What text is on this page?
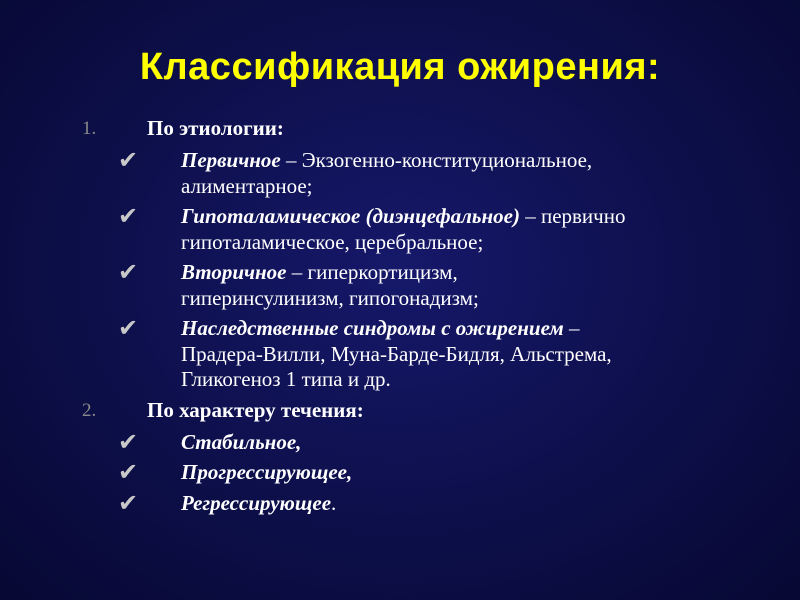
Классификация ожирения:
1. По этиологии:
✔ Первичное – Экзогенно-конституциональное,
алиментарное;
✔ Гипоталамическое (диэнцефальное) – первично
гипоталамическое, церебральное;
✔ Вторичное – гиперкортицизм,
гиперинсулинизм, гипогонадизм;
✔ Наследственные синдромы с ожирением –
Прадера-Вилли, Муна-Барде-Бидля, Альстрема,
Гликогеноз 1 типа и др.
2. По характеру течения:
✔ Стабильное,
✔ Прогрессирующее,
✔ Регрессирующее.
